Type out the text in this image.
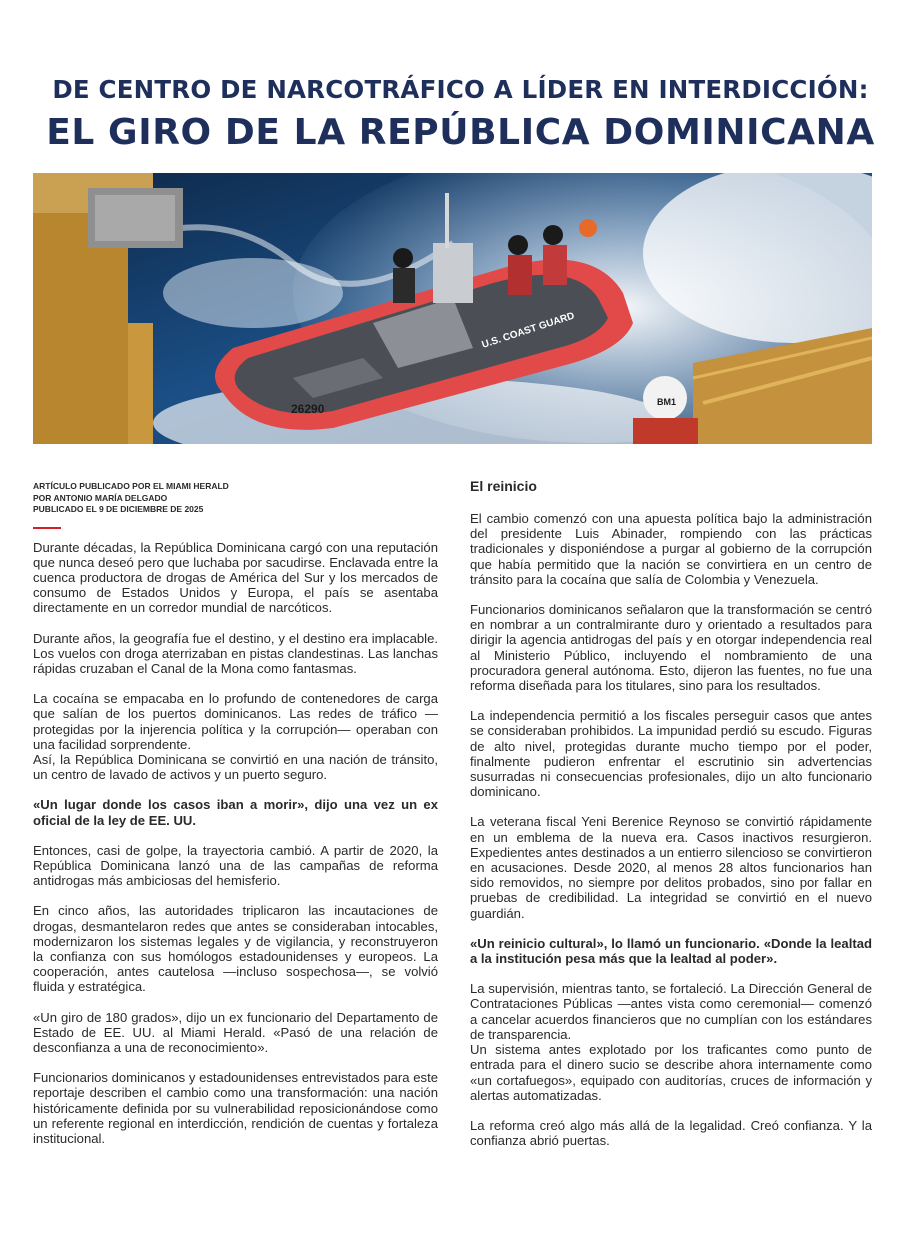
DE CENTRO DE NARCOTRÁFICO A LÍDER EN INTERDICCIÓN:
EL GIRO DE LA REPÚBLICA DOMINICANA
U.S. COAST GUARD
26290	BM1
ARTÍCULO PUBLICADO POR EL MIAMI HERALD
POR ANTONIO MARÍA DELGADO
PUBLICADO EL 9 DE DICIEMBRE DE 2025

Durante décadas, la República Dominicana cargó con una reputación que nunca deseó pero que luchaba por sacudirse. Enclavada entre la cuenca productora de drogas de América del Sur y los mercados de consumo de Estados Unidos y Europa, el país se asentaba directamente en un corredor mundial de narcóticos.

Durante años, la geografía fue el destino, y el destino era implacable. Los vuelos con droga aterrizaban en pistas clandestinas. Las lanchas rápidas cruzaban el Canal de la Mona como fantasmas.

La cocaína se empacaba en lo profundo de contenedores de carga que salían de los puertos dominicanos. Las redes de tráfico —protegidas por la injerencia política y la corrupción— operaban con una facilidad sorprendente.

Así, la República Dominicana se convirtió en una nación de tránsito, un centro de lavado de activos y un puerto seguro.

«Un lugar donde los casos iban a morir», dijo una vez un ex oficial de la ley de EE. UU.

Entonces, casi de golpe, la trayectoria cambió. A partir de 2020, la República Dominicana lanzó una de las campañas de reforma antidrogas más ambiciosas del hemisferio.

En cinco años, las autoridades triplicaron las incautaciones de drogas, desmantelaron redes que antes se consideraban intocables, modernizaron los sistemas legales y de vigilancia, y reconstruyeron la confianza con sus homólogos estadounidenses y europeos. La cooperación, antes cautelosa —incluso sospechosa—, se volvió fluida y estratégica.

«Un giro de 180 grados», dijo un ex funcionario del Departamento de Estado de EE. UU. al Miami Herald. «Pasó de una relación de desconfianza a una de reconocimiento».

Funcionarios dominicanos y estadounidenses entrevistados para este reportaje describen el cambio como una transformación: una nación históricamente definida por su vulnerabilidad reposicionándose como un referente regional en interdicción, rendición de cuentas y fortaleza institucional.

El reinicio

El cambio comenzó con una apuesta política bajo la administración del presidente Luis Abinader, rompiendo con las prácticas tradicionales y disponiéndose a purgar al gobierno de la corrupción que había permitido que la nación se convirtiera en un centro de tránsito para la cocaína que salía de Colombia y Venezuela.

Funcionarios dominicanos señalaron que la transformación se centró en nombrar a un contralmirante duro y orientado a resultados para dirigir la agencia antidrogas del país y en otorgar independencia real al Ministerio Público, incluyendo el nombramiento de una procuradora general autónoma. Esto, dijeron las fuentes, no fue una reforma diseñada para los titulares, sino para los resultados.

La independencia permitió a los fiscales perseguir casos que antes se consideraban prohibidos. La impunidad perdió su escudo. Figuras de alto nivel, protegidas durante mucho tiempo por el poder, finalmente pudieron enfrentar el escrutinio sin advertencias susurradas ni consecuencias profesionales, dijo un alto funcionario dominicano.

La veterana fiscal Yeni Berenice Reynoso se convirtió rápidamente en un emblema de la nueva era. Casos inactivos resurgieron. Expedientes antes destinados a un entierro silencioso se convirtieron en acusaciones. Desde 2020, al menos 28 altos funcionarios han sido removidos, no siempre por delitos probados, sino por fallar en pruebas de credibilidad. La integridad se convirtió en el nuevo guardián.

«Un reinicio cultural», lo llamó un funcionario. «Donde la lealtad a la institución pesa más que la lealtad al poder».

La supervisión, mientras tanto, se fortaleció. La Dirección General de Contrataciones Públicas —antes vista como ceremonial— comenzó a cancelar acuerdos financieros que no cumplían con los estándares de transparencia.

Un sistema antes explotado por los traficantes como punto de entrada para el dinero sucio se describe ahora internamente como «un cortafuegos», equipado con auditorías, cruces de información y alertas automatizadas.

La reforma creó algo más allá de la legalidad. Creó confianza. Y la confianza abrió puertas.
